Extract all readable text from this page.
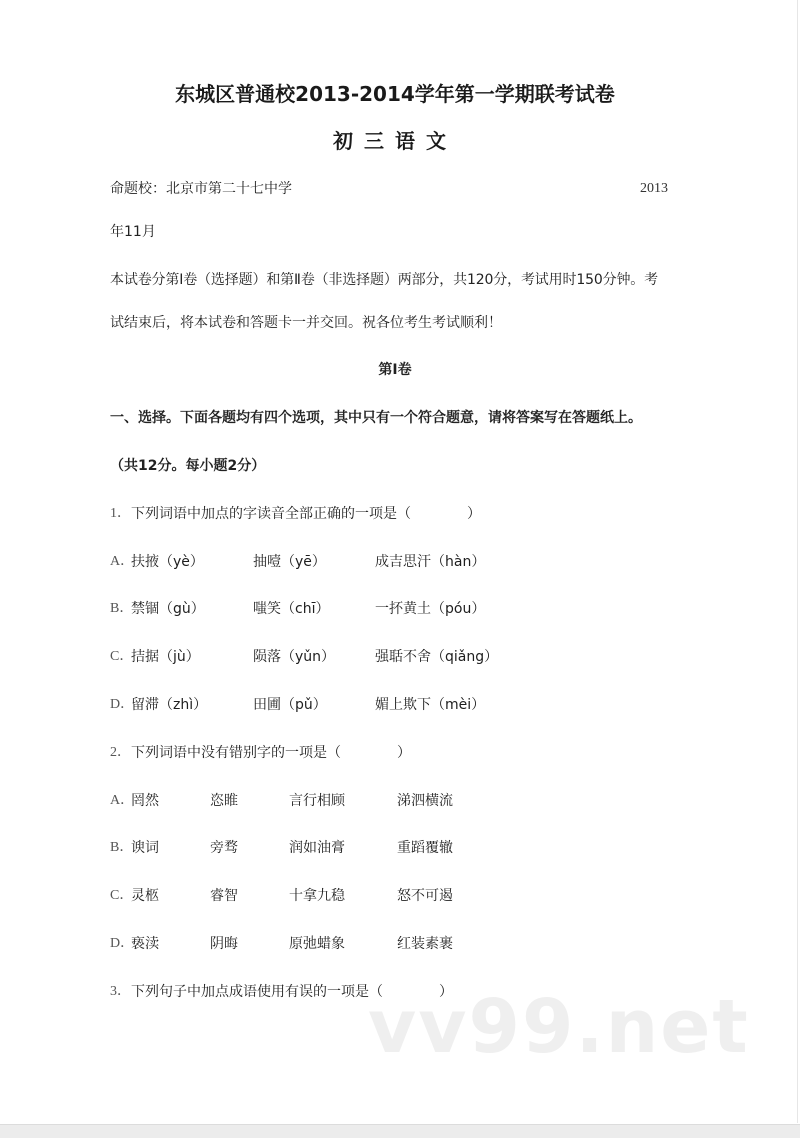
东城区普通校2013-2014学年第一学期联考试卷
初三语文
命题校：北京市第二十七中学	2013
年11月
本试卷分第Ⅰ卷（选择题）和第Ⅱ卷（非选择题）两部分，共120分，考试用时150分钟。考
试结束后，将本试卷和答题卡一并交回。祝各位考生考试顺利！
第Ⅰ卷
一、选择。下面各题均有四个选项，其中只有一个符合题意，请将答案写在答题纸上。
（共12分。每小题2分）
1． 下列词语中加点的字读音全部正确的一项是（　　　　）
A．
扶掖（yè）	抽噎（yē）	成吉思汗（hàn）
B．
禁锢（gù）	嗤笑（chī）	一抔黄土（póu）
C．
拮据（jù）	陨落（yǔn）	强聒不舍（qiǎng）
D．
留滞（zhì）	田圃（pǔ）	媚上欺下（mèi）
2． 下列词语中没有错别字的一项是（　　　　）
A．
罔然	恣睢	言行相顾	涕泗横流
B．
谀词	旁骛	润如油膏	重蹈覆辙
C．
灵柩	睿智	十拿九稳	怒不可遏
D．
亵渎	阴晦	原弛蜡象	红装素裹
3． 下列句子中加点成语使用有误的一项是（　　　　）
vv99.net
